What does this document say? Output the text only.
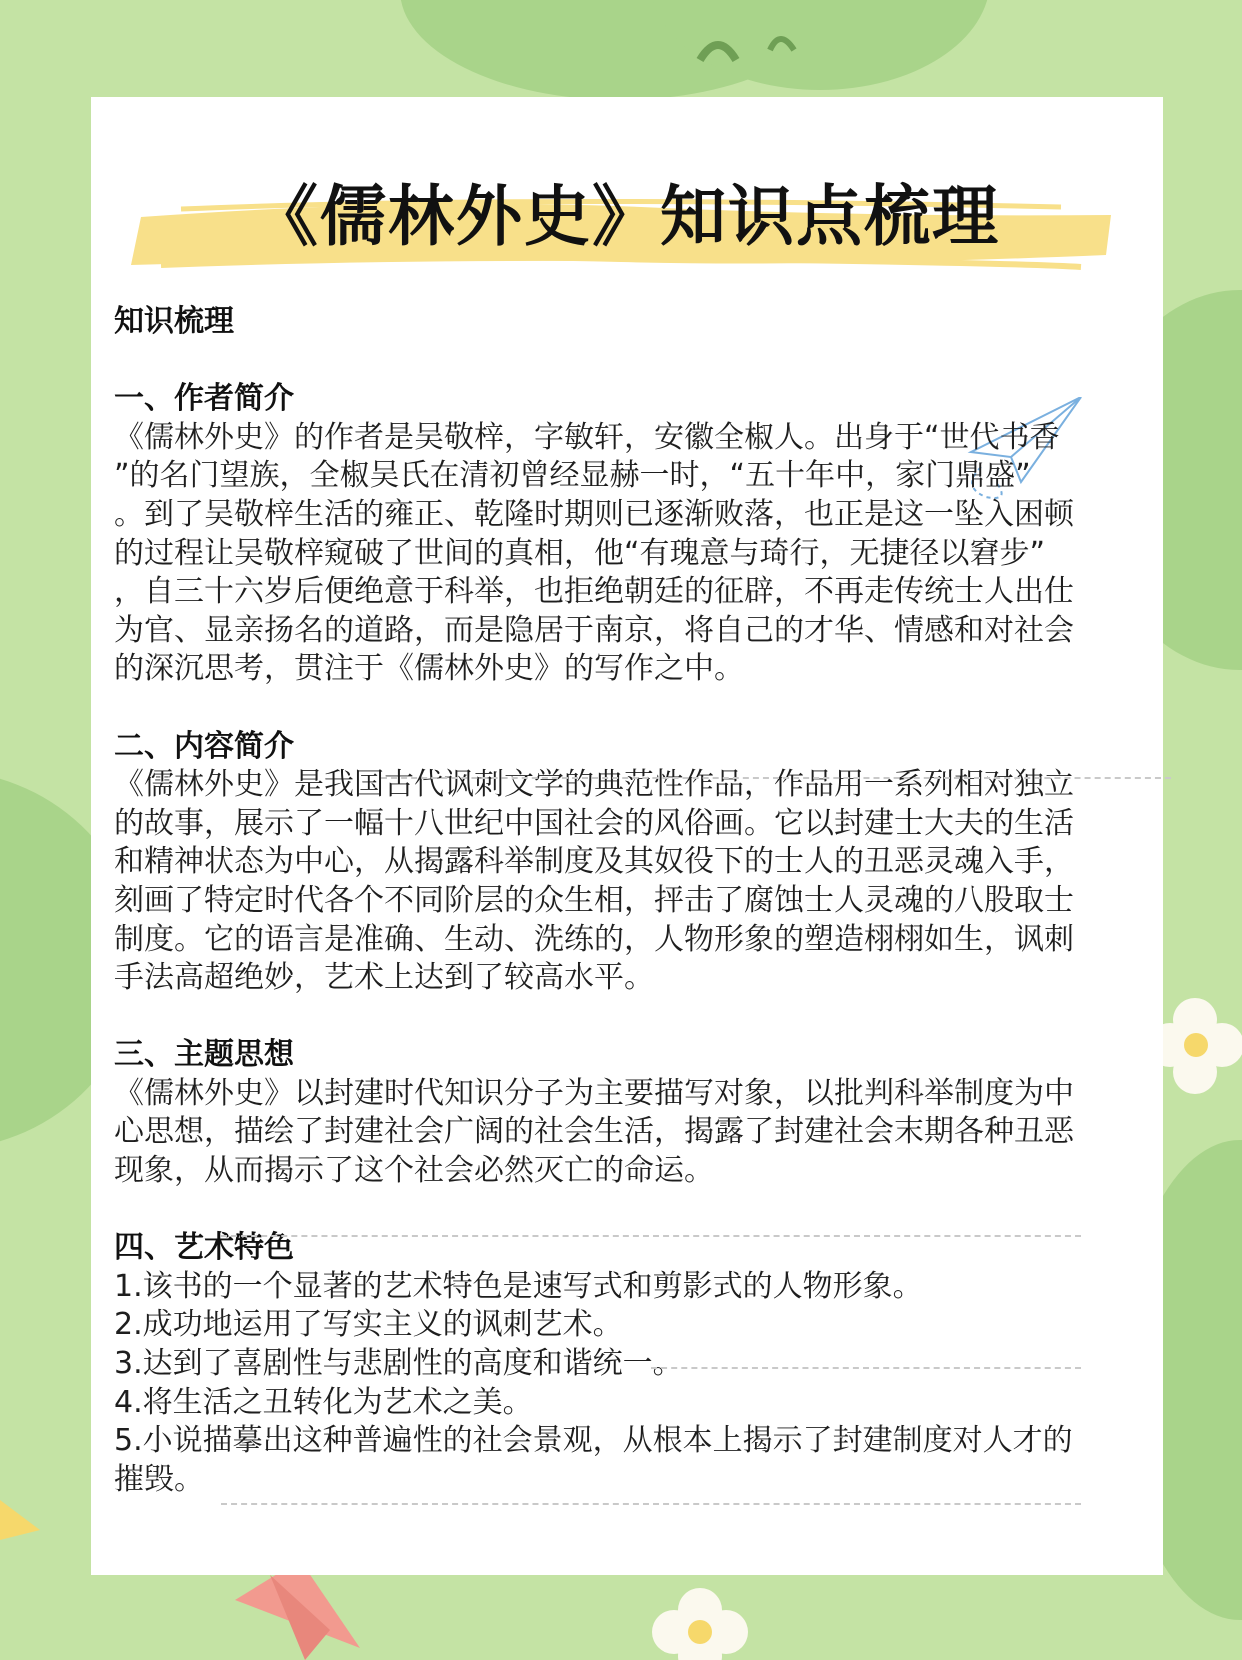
《儒林外史》知识点梳理

知识梳理

一、作者简介

《儒林外史》的作者是吴敬梓，字敏轩，安徽全椒人。出身于“世代书香

”的名门望族，全椒吴氏在清初曾经显赫一时，“五十年中，家门鼎盛”

。到了吴敬梓生活的雍正、乾隆时期则已逐渐败落，也正是这一坠入困顿

的过程让吴敬梓窥破了世间的真相，他“有瑰意与琦行，无捷径以窘步”

，自三十六岁后便绝意于科举，也拒绝朝廷的征辟，不再走传统士人出仕

为官、显亲扬名的道路，而是隐居于南京，将自己的才华、情感和对社会

的深沉思考，贯注于《儒林外史》的写作之中。

二、内容简介

《儒林外史》是我国古代讽刺文学的典范性作品，作品用一系列相对独立

的故事，展示了一幅十八世纪中国社会的风俗画。它以封建士大夫的生活

和精神状态为中心，从揭露科举制度及其奴役下的士人的丑恶灵魂入手，

刻画了特定时代各个不同阶层的众生相，抨击了腐蚀士人灵魂的八股取士

制度。它的语言是准确、生动、洗练的，人物形象的塑造栩栩如生，讽刺

手法高超绝妙，艺术上达到了较高水平。

三、主题思想

《儒林外史》以封建时代知识分子为主要描写对象，以批判科举制度为中

心思想，描绘了封建社会广阔的社会生活，揭露了封建社会末期各种丑恶

现象，从而揭示了这个社会必然灭亡的命运。

四、艺术特色

1.该书的一个显著的艺术特色是速写式和剪影式的人物形象。

2.成功地运用了写实主义的讽刺艺术。

3.达到了喜剧性与悲剧性的高度和谐统一。

4.将生活之丑转化为艺术之美。

5.小说描摹出这种普遍性的社会景观，从根本上揭示了封建制度对人才的

摧毁。
